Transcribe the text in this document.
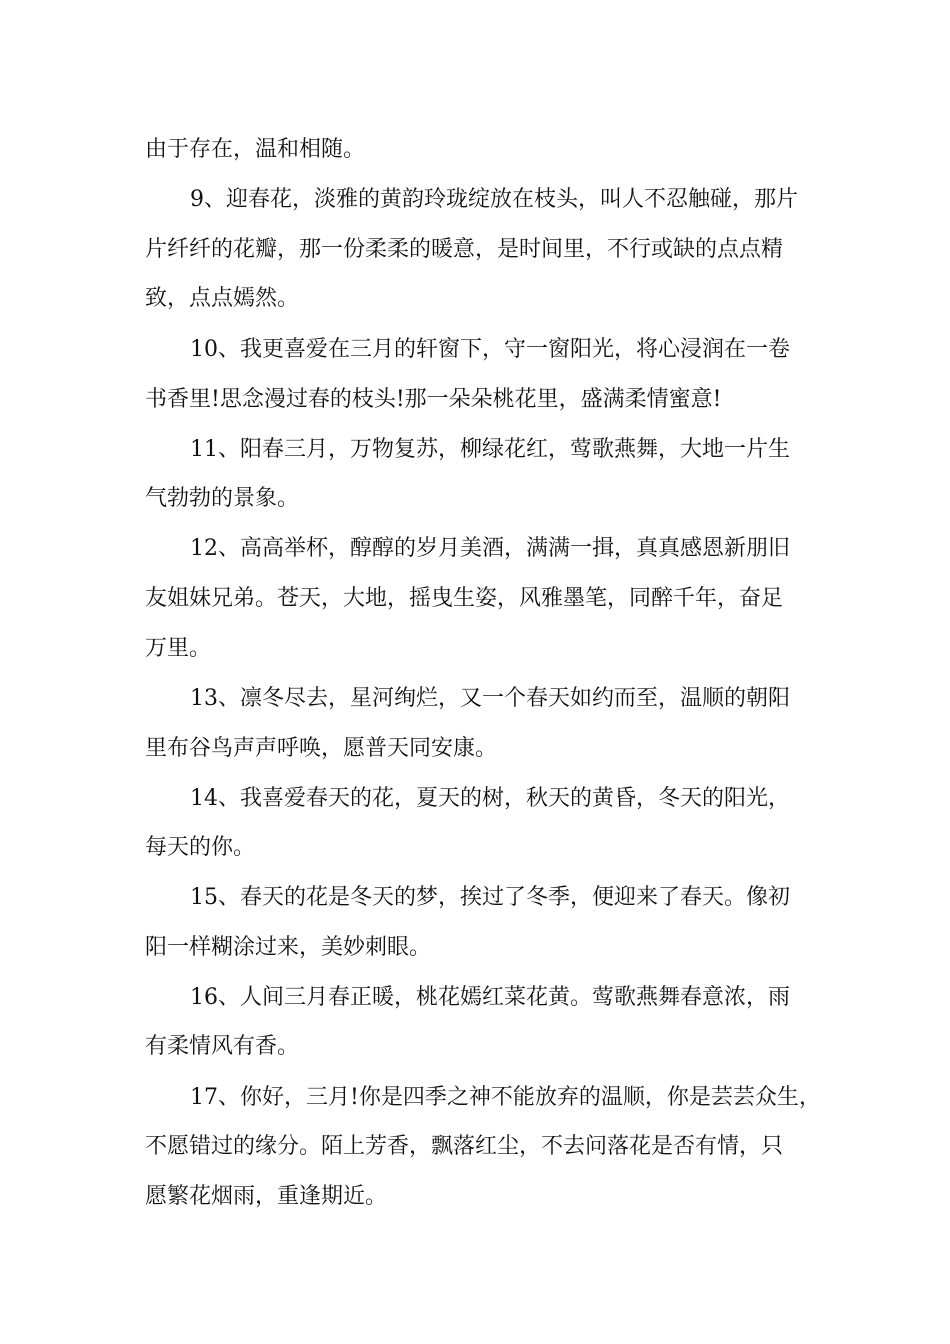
由于存在，温和相随。
9、迎春花，淡雅的黄韵玲珑绽放在枝头，叫人不忍触碰，那片
片纤纤的花瓣，那一份柔柔的暖意，是时间里，不行或缺的点点精
致，点点嫣然。
10、我更喜爱在三月的轩窗下，守一窗阳光，将心浸润在一卷
书香里!思念漫过春的枝头!那一朵朵桃花里，盛满柔情蜜意!
11、阳春三月，万物复苏，柳绿花红，莺歌燕舞，大地一片生
气勃勃的景象。
12、高高举杯，醇醇的岁月美酒，满满一揖，真真感恩新朋旧
友姐妹兄弟。苍天，大地，摇曳生姿，风雅墨笔，同醉千年，奋足
万里。
13、凛冬尽去，星河绚烂，又一个春天如约而至，温顺的朝阳
里布谷鸟声声呼唤，愿普天同安康。
14、我喜爱春天的花，夏天的树，秋天的黄昏，冬天的阳光，
每天的你。
15、春天的花是冬天的梦，挨过了冬季，便迎来了春天。像初
阳一样糊涂过来，美妙刺眼。
16、人间三月春正暖，桃花嫣红菜花黄。莺歌燕舞春意浓，雨
有柔情风有香。
17、你好，三月!你是四季之神不能放弃的温顺，你是芸芸众生，
不愿错过的缘分。陌上芳香，飘落红尘，不去问落花是否有情，只
愿繁花烟雨，重逢期近。
